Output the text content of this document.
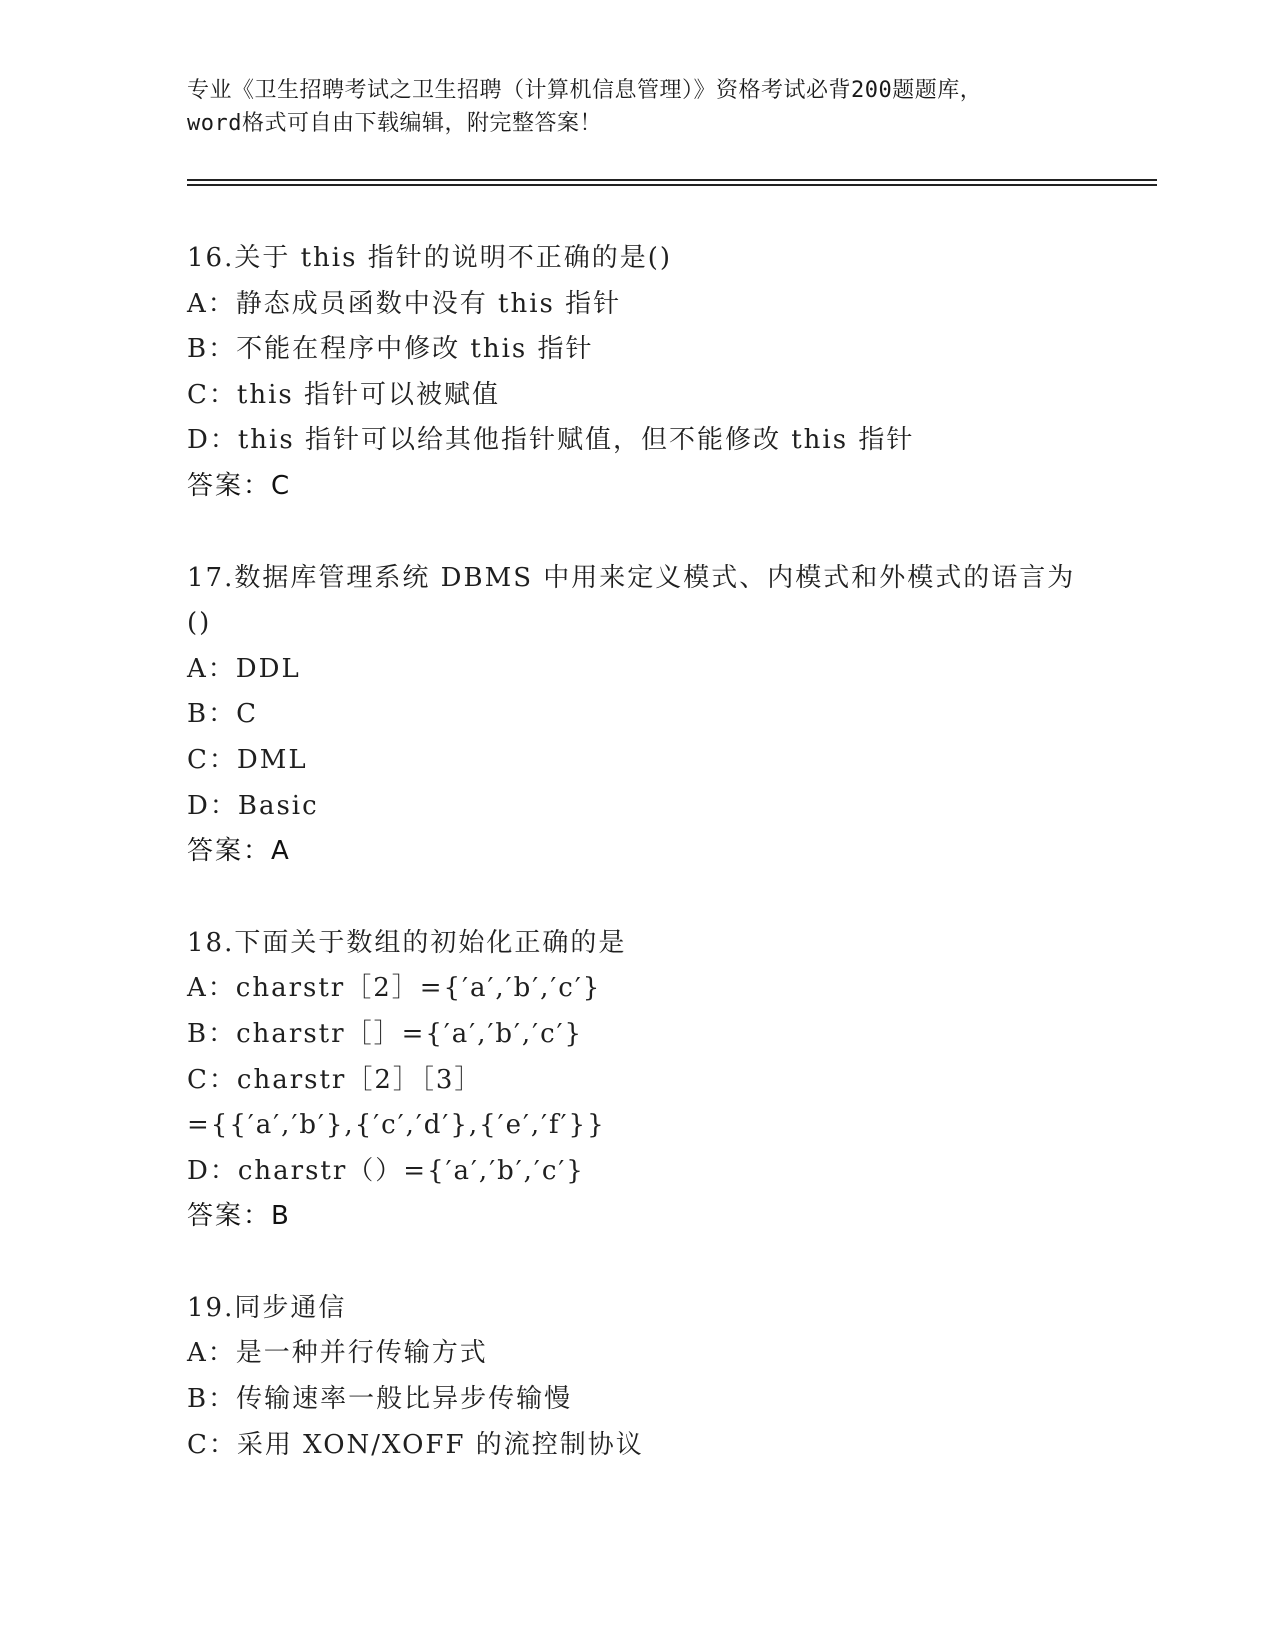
专业《卫生招聘考试之卫生招聘（计算机信息管理）》资格考试必背200题题库，
word格式可自由下载编辑，附完整答案！
16.关于 this 指针的说明不正确的是()
A：静态成员函数中没有 this 指针
B：不能在程序中修改 this 指针
C：this 指针可以被赋值
D：this 指针可以给其他指针赋值，但不能修改 this 指针
答案：C
17.数据库管理系统 DBMS 中用来定义模式、内模式和外模式的语言为
()
A：DDL
B：C
C：DML
D：Basic
答案：A
18.下面关于数组的初始化正确的是
A：charstr［2］={′a′,′b′,′c′}
B：charstr［］={′a′,′b′,′c′}
C：charstr［2］［3］
={{′a′,′b′},{′c′,′d′},{′e′,′f′}}
D：charstr（）={′a′,′b′,′c′}
答案：B
19.同步通信
A：是一种并行传输方式
B：传输速率一般比异步传输慢
C：采用 XON/XOFF 的流控制协议
